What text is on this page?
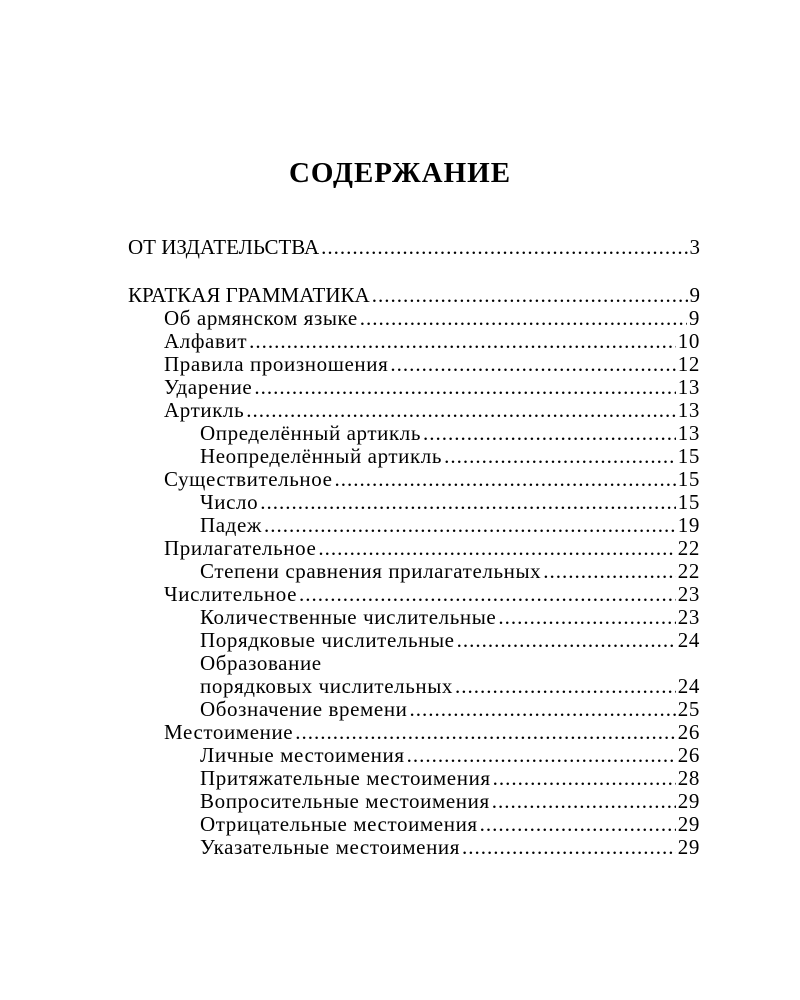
СОДЕРЖАНИЕ
ОТ ИЗДАТЕЛЬСТВА .....	3
КРАТКАЯ ГРАММАТИКА .....	9
Об армянском языке .....	9
Алфавит .....	10
Правила произношения .....	12
Ударение .....	13
Артикль .....	13
Определённый артикль .....	13
Неопределённый артикль .....	15
Существительное .....	15
Число .....	15
Падеж .....	19
Прилагательное .....	22
Степени сравнения прилагательных .....	22
Числительное .....	23
Количественные числительные .....	23
Порядковые числительные .....	24
Образование
порядковых числительных .....	24
Обозначение времени .....	25
Местоимение .....	26
Личные местоимения .....	26
Притяжательные местоимения .....	28
Вопросительные местоимения .....	29
Отрицательные местоимения .....	29
Указательные местоимения .....	29
